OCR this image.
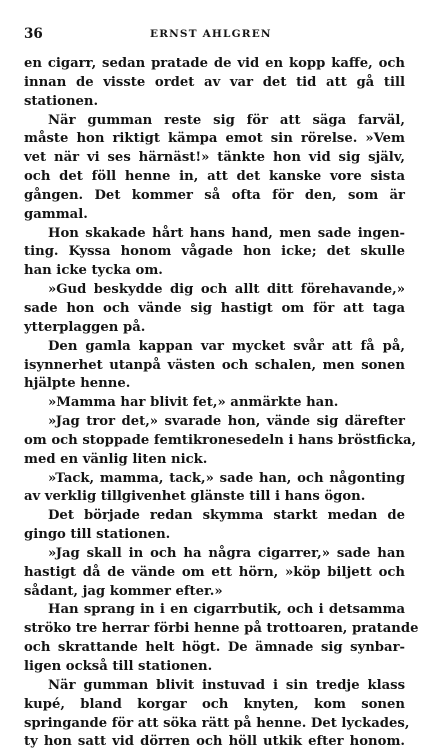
36	ERNST AHLGREN
en cigarr, sedan pratade de vid en kopp kaffe, och
innan de visste ordet av var det tid att gå till
stationen.
När gumman reste sig för att säga farväl,
måste hon riktigt kämpa emot sin rörelse. »Vem
vet när vi ses härnäst!» tänkte hon vid sig själv,
och det föll henne in, att det kanske vore sista
gången. Det kommer så ofta för den, som är
gammal.
Hon skakade hårt hans hand, men sade ingen-
ting. Kyssa honom vågade hon icke; det skulle
han icke tycka om.
»Gud beskydde dig och allt ditt förehavande,»
sade hon och vände sig hastigt om för att taga
ytterplaggen på.
Den gamla kappan var mycket svår att få på,
isynnerhet utanpå västen och schalen, men sonen
hjälpte henne.
»Mamma har blivit fet,» anmärkte han.
»Jag tror det,» svarade hon, vände sig därefter
om och stoppade femtikronesedeln i hans bröstficka,
med en vänlig liten nick.
»Tack, mamma, tack,» sade han, och någonting
av verklig tillgivenhet glänste till i hans ögon.
Det började redan skymma starkt medan de
gingo till stationen.
»Jag skall in och ha några cigarrer,» sade han
hastigt då de vände om ett hörn, »köp biljett och
sådant, jag kommer efter.»
Han sprang in i en cigarrbutik, och i detsamma
ströko tre herrar förbi henne på trottoaren, pratande
och skrattande helt högt. De ämnade sig synbar-
ligen också till stationen.
När gumman blivit instuvad i sin tredje klass
kupé, bland korgar och knyten, kom sonen
springande för att söka rätt på henne. Det lyckades,
ty hon satt vid dörren och höll utkik efter honom.
